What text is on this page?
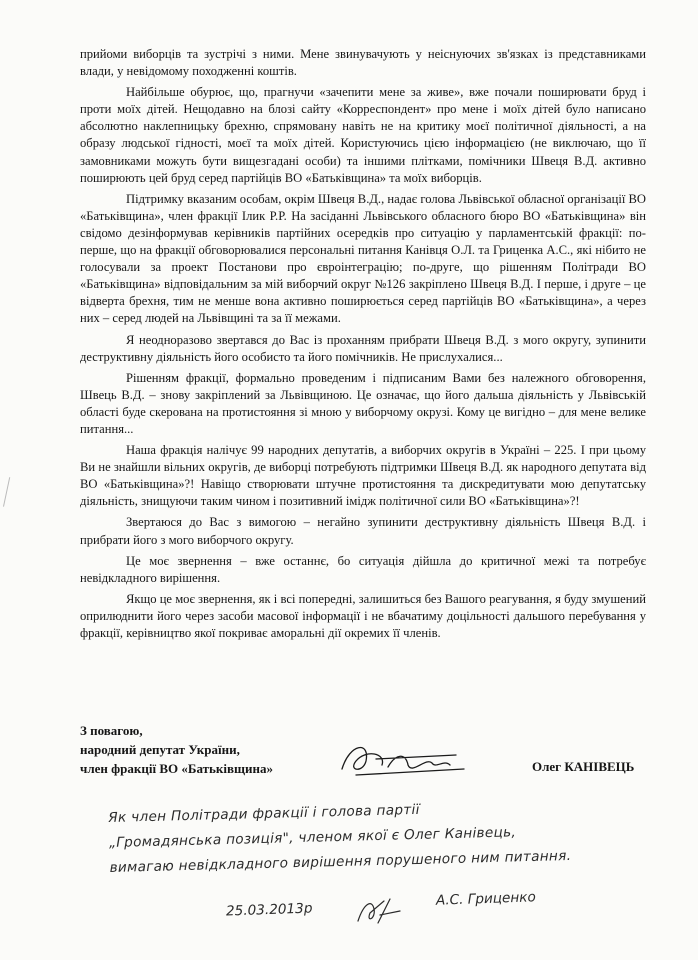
прийоми виборців та зустрічі з ними. Мене звинувачують у неіснуючих зв'язках із представниками влади, у невідомому походженні коштів.

Найбільше обурює, що, прагнучи «зачепити мене за живе», вже почали поширювати бруд і проти моїх дітей. Нещодавно на блозі сайту «Корреспондент» про мене і моїх дітей було написано абсолютно наклепницьку брехню, спрямовану навіть не на критику моєї політичної діяльності, а на образу людської гідності, моєї та моїх дітей. Користуючись цією інформацією (не виключаю, що її замовниками можуть бути вищезгадані особи) та іншими плітками, помічники Швеця В.Д. активно поширюють цей бруд серед партійців ВО «Батьківщина» та моїх виборців.

Підтримку вказаним особам, окрім Швеця В.Д., надає голова Львівської обласної організації ВО «Батьківщина», член фракції Ілик Р.Р. На засіданні Львівського обласного бюро ВО «Батьківщина» він свідомо дезінформував керівників партійних осередків про ситуацію у парламентській фракції: по-перше, що на фракції обговорювалися персональні питання Канівця О.Л. та Гриценка А.С., які нібито не голосували за проект Постанови про євроінтеграцію; по-друге, що рішенням Політради ВО «Батьківщина» відповідальним за мій виборчий округ №126 закріплено Швеця В.Д. І перше, і друге – це відверта брехня, тим не менше вона активно поширюється серед партійців ВО «Батьківщина», а через них – серед людей на Львівщині та за її межами.

Я неодноразово звертався до Вас із проханням прибрати Швеця В.Д. з мого округу, зупинити деструктивну діяльність його особисто та його помічників. Не прислухалися...

Рішенням фракції, формально проведеним і підписаним Вами без належного обговорення, Швець В.Д. – знову закріплений за Львівщиною. Це означає, що його дальша діяльність у Львівській області буде скерована на протистояння зі мною у виборчому окрузі. Кому це вигідно – для мене велике питання...

Наша фракція налічує 99 народних депутатів, а виборчих округів в Україні – 225. І при цьому Ви не знайшли вільних округів, де виборці потребують підтримки Швеця В.Д. як народного депутата від ВО «Батьківщина»?! Навіщо створювати штучне протистояння та дискредитувати мою депутатську діяльність, знищуючи таким чином і позитивний імідж політичної сили ВО «Батьківщина»?!

Звертаюся до Вас з вимогою – негайно зупинити деструктивну діяльність Швеця В.Д. і прибрати його з мого виборчого округу.

Це моє звернення – вже останнє, бо ситуація дійшла до критичної межі та потребує невідкладного вирішення.

Якщо це моє звернення, як і всі попередні, залишиться без Вашого реагування, я буду змушений оприлюднити його через засоби масової інформації і не вбачатиму доцільності дальшого перебування у фракції, керівництво якої покриває аморальні дії окремих її членів.

З повагою,
народний депутат України,
член фракції ВО «Батьківщина»	Олег КАНІВЕЦЬ
Як член Політради фракції і голова партії
„Громадянська позиція", членом якої є Олег Канівець,
вимагаю невідкладного вирішення порушеного ним питання.
25.03.2013р
А.С. Гриценко
